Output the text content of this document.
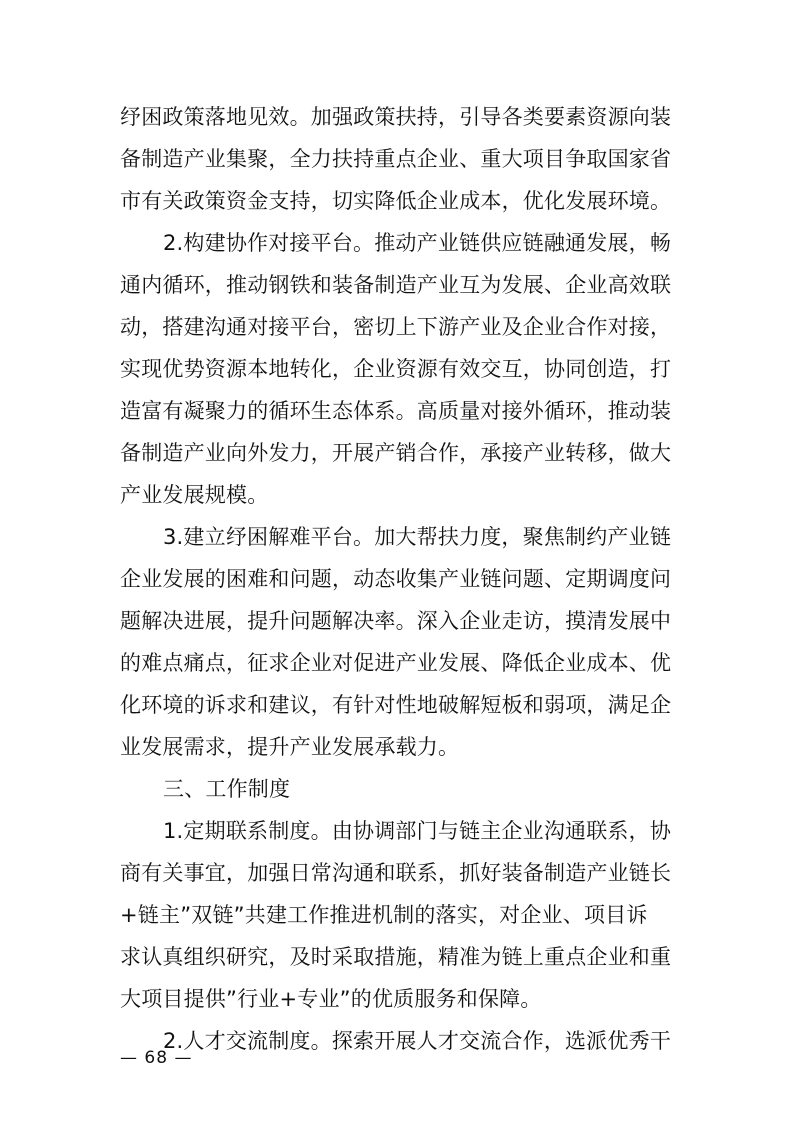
纾困政策落地见效。加强政策扶持，引导各类要素资源向装
备制造产业集聚，全力扶持重点企业、重大项目争取国家省
市有关政策资金支持，切实降低企业成本，优化发展环境。
2.构建协作对接平台。推动产业链供应链融通发展，畅
通内循环，推动钢铁和装备制造产业互为发展、企业高效联
动，搭建沟通对接平台，密切上下游产业及企业合作对接，
实现优势资源本地转化，企业资源有效交互，协同创造，打
造富有凝聚力的循环生态体系。高质量对接外循环，推动装
备制造产业向外发力，开展产销合作，承接产业转移，做大
产业发展规模。
3.建立纾困解难平台。加大帮扶力度，聚焦制约产业链
企业发展的困难和问题，动态收集产业链问题、定期调度问
题解决进展，提升问题解决率。深入企业走访，摸清发展中
的难点痛点，征求企业对促进产业发展、降低企业成本、优
化环境的诉求和建议，有针对性地破解短板和弱项，满足企
业发展需求，提升产业发展承载力。
三、工作制度
1.定期联系制度。由协调部门与链主企业沟通联系，协
商有关事宜，加强日常沟通和联系，抓好装备制造产业链长
+链主”双链”共建工作推进机制的落实，对企业、项目诉
求认真组织研究，及时采取措施，精准为链上重点企业和重
大项目提供”行业+专业”的优质服务和保障。
2.人才交流制度。探索开展人才交流合作，选派优秀干
— 68 —
